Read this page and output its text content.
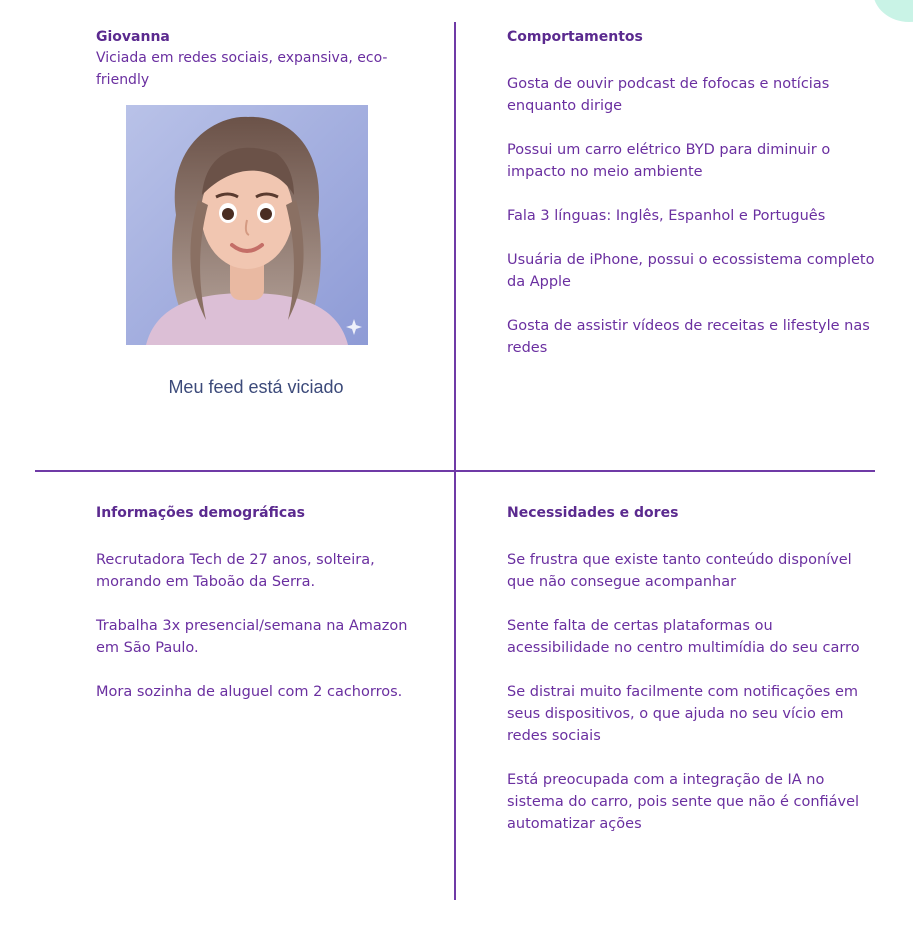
Giovanna

Viciada em redes sociais, expansiva, eco-friendly

Meu feed está viciado

Comportamentos

Gosta de ouvir podcast de fofocas e notícias enquanto dirige

Possui um carro elétrico BYD para diminuir o impacto no meio ambiente

Fala 3 línguas: Inglês, Espanhol e Português

Usuária de iPhone, possui o ecossistema completo da Apple

Gosta de assistir vídeos de receitas e lifestyle nas redes

Informações demográficas

Recrutadora Tech de 27 anos, solteira, morando em Taboão da Serra.

Trabalha 3x presencial/semana na Amazon em São Paulo.

Mora sozinha de aluguel com 2 cachorros.

Necessidades e dores

Se frustra que existe tanto conteúdo disponível que não consegue acompanhar

Sente falta de certas plataformas ou acessibilidade no centro multimídia do seu carro

Se distrai muito facilmente com notificações em seus dispositivos, o que ajuda no seu vício em redes sociais

Está preocupada com a integração de IA no sistema do carro, pois sente que não é confiável automatizar ações
